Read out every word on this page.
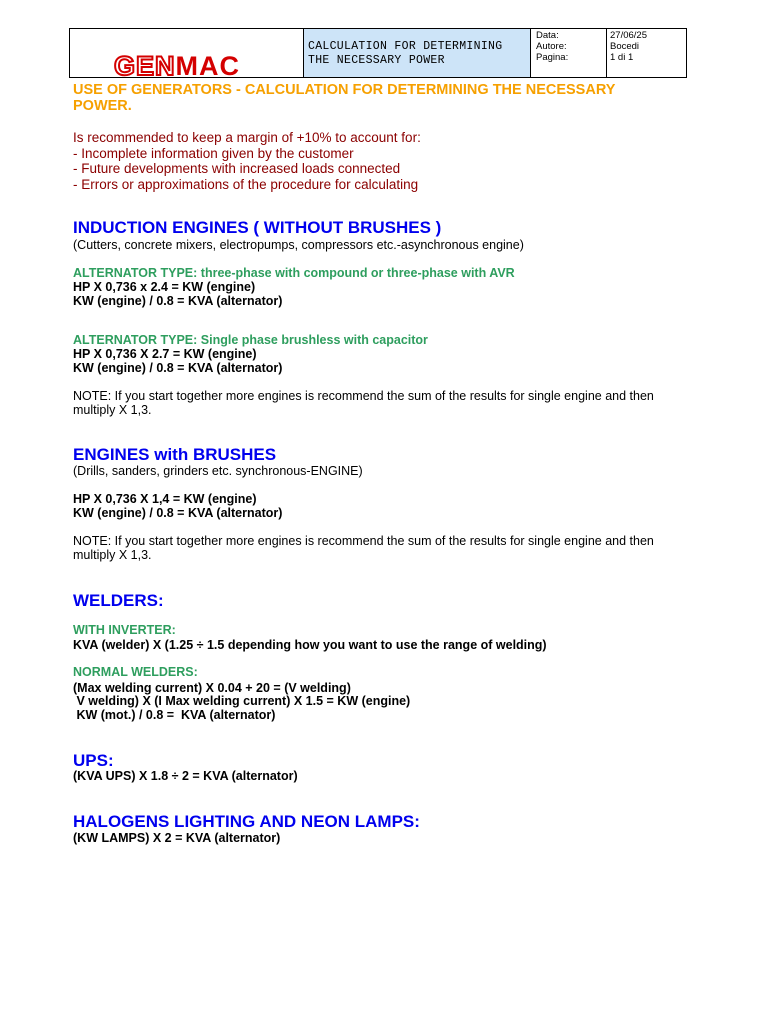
GENMAC
CALCULATION FOR DETERMINING
THE NECESSARY POWER
Data:
Autore:
Pagina:
27/06/25
Bocedi
1 di 1
USE OF GENERATORS - CALCULATION FOR DETERMINING THE NECESSARY
POWER.
Is recommended to keep a margin of +10% to account for:
- Incomplete information given by the customer
- Future developments with increased loads connected
- Errors or approximations of the procedure for calculating
INDUCTION ENGINES ( WITHOUT BRUSHES )
(Cutters, concrete mixers, electropumps, compressors etc.-asynchronous engine)
ALTERNATOR TYPE: three-phase with compound or three-phase with AVR
HP X 0,736 x 2.4 = KW (engine)
KW (engine) / 0.8 = KVA (alternator)
ALTERNATOR TYPE: Single phase brushless with capacitor
HP X 0,736 X 2.7 = KW (engine)
KW (engine) / 0.8 = KVA (alternator)
NOTE: If you start together more engines is recommend the sum of the results for single engine and then
multiply X 1,3.
ENGINES with BRUSHES
(Drills, sanders, grinders etc. synchronous-ENGINE)
HP X 0,736 X 1,4 = KW (engine)
KW (engine) / 0.8 = KVA (alternator)
NOTE: If you start together more engines is recommend the sum of the results for single engine and then
multiply X 1,3.
WELDERS:
WITH INVERTER:
KVA (welder) X (1.25 ÷ 1.5 depending how you want to use the range of welding)
NORMAL WELDERS:
(Max welding current) X 0.04 + 20 = (V welding)
V welding) X (I Max welding current) X 1.5 = KW (engine)
KW (mot.) / 0.8 =  KVA (alternator)
UPS:
(KVA UPS) X 1.8 ÷ 2 = KVA (alternator)
HALOGENS LIGHTING AND NEON LAMPS:
(KW LAMPS) X 2 = KVA (alternator)
